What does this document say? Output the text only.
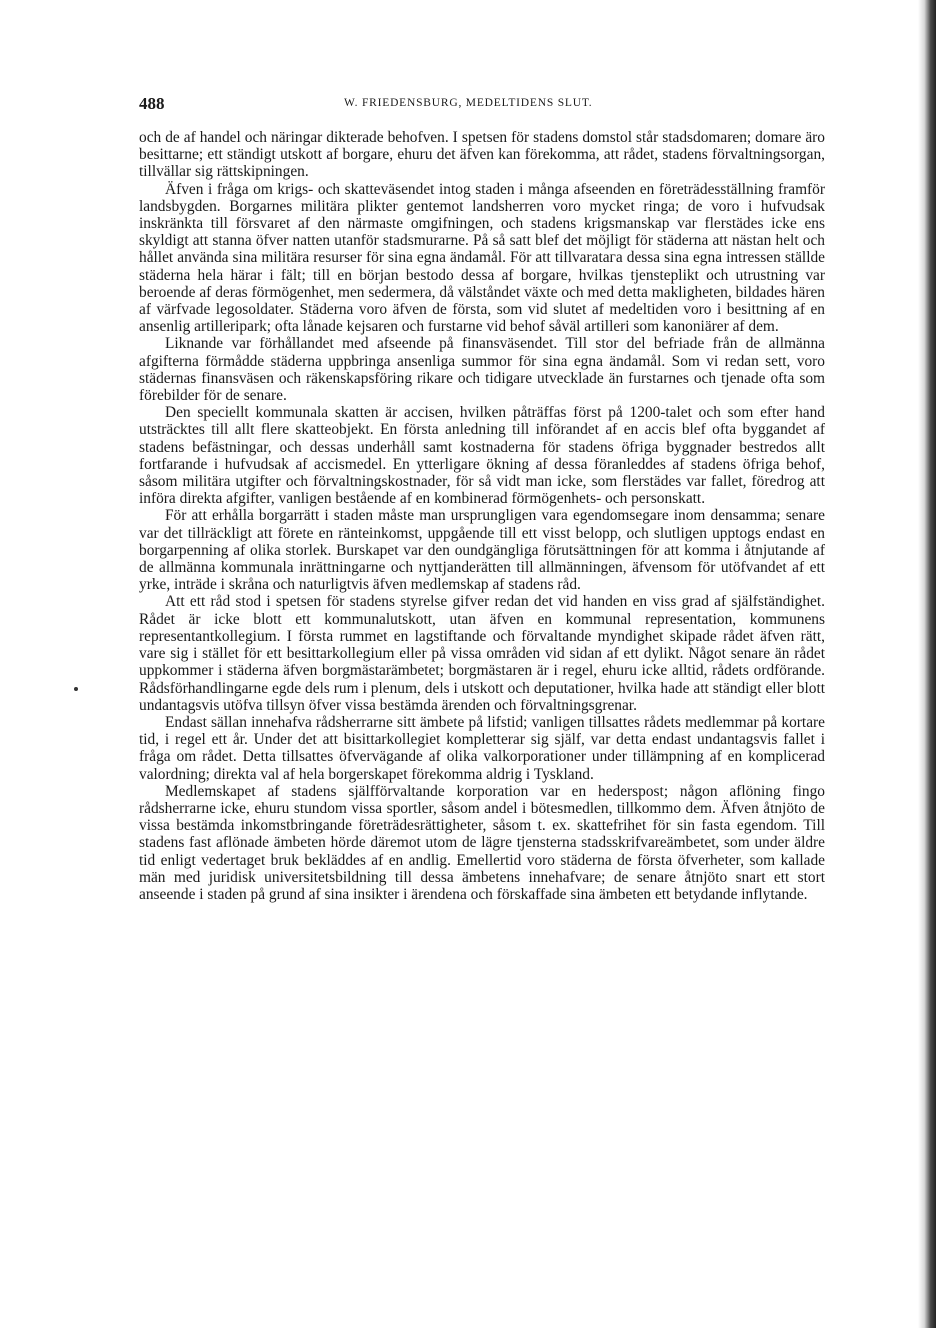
488	W. FRIEDENSBURG, MEDELTIDENS SLUT.

och de af handel och näringar dikterade behofven. I spetsen för stadens domstol står stadsdomaren; domare äro besittarne; ett ständigt utskott af borgare, ehuru det äfven kan förekomma, att rådet, stadens förvaltningsorgan, tillvällar sig rättskipningen.

Äfven i fråga om krigs- och skatteväsendet intog staden i många afseenden en företrädesställning framför landsbygden. Borgarnes militära plikter gentemot landsherren voro mycket ringa; de voro i hufvudsak inskränkta till försvaret af den närmaste omgifningen, och stadens krigsmanskap var flerstädes icke ens skyldigt att stanna öfver natten utanför stadsmurarne. På så satt blef det möjligt för städerna att nästan helt och hållet använda sina militära resurser för sina egna ändamål. För att tillvaratага dessa sina egna intressen ställde städerna hela härar i fält; till en början bestodo dessa af borgare, hvilkas tjensteplikt och utrustning var beroende af deras förmögenhet, men sedermera, då välståndet växte och med detta makligheten, bildades hären af värfvade legosoldater. Städerna voro äfven de första, som vid slutet af medeltiden voro i besittning af en ansenlig artilleripark; ofta lånade kejsaren och furstarne vid behof såväl artilleri som kanoniärer af dem.

Liknande var förhållandet med afseende på finansväsendet. Till stor del befriade från de allmänna afgifterna förmådde städerna uppbringa ansenliga summor för sina egna ändamål. Som vi redan sett, voro städernas finansväsen och räkenskapsföring rikare och tidigare utvecklade än furstarnes och tjenade ofta som förebilder för de senare.

Den speciellt kommunala skatten är accisen, hvilken påträffas först på 1200-talet och som efter hand utsträcktes till allt flere skatteobjekt. En första anledning till införandet af en accis blef ofta byggandet af stadens befästningar, och dessas underhåll samt kostnaderna för stadens öfriga byggnader bestredos allt fortfarande i hufvudsak af accismedel. En ytterligare ökning af dessa föranleddes af stadens öfriga behof, såsom militära utgifter och förvaltningskostnader, för så vidt man icke, som flerstädes var fallet, föredrog att införa direkta afgifter, vanligen bestående af en kombinerad förmögenhets- och personskatt.

För att erhålla borgarrätt i staden måste man ursprungligen vara egendomsegare inom densamma; senare var det tillräckligt att förete en ränteinkomst, uppgående till ett visst belopp, och slutligen upptogs endast en borgarpenning af olika storlek. Burskapet var den oundgängliga förutsättningen för att komma i åtnjutande af de allmänna kommunala inrättningarne och nyttjanderätten till allmänningen, äfvensom för utöfvandet af ett yrke, inträde i skråna och naturligtvis äfven medlemskap af stadens råd.

Att ett råd stod i spetsen för stadens styrelse gifver redan det vid handen en viss grad af själfständighet. Rådet är icke blott ett kommunalutskott, utan äfven en kommunal representation, kommunens representantkollegium. I första rummet en lagstiftande och förvaltande myndighet skipade rådet äfven rätt, vare sig i stället för ett besittarkollegium eller på vissa områden vid sidan af ett dylikt. Något senare än rådet uppkommer i städerna äfven borgmästarämbetet; borgmästaren är i regel, ehuru icke alltid, rådets ordförande. Rådsförhandlingarne egde dels rum i plenum, dels i utskott och deputationer, hvilka hade att ständigt eller blott undantagsvis utöfva tillsyn öfver vissa bestämda ärenden och förvaltningsgrenar.

Endast sällan innehafva rådsherrarne sitt ämbete på lifstid; vanligen tillsattes rådets medlemmar på kortare tid, i regel ett år. Under det att bisittarkollegiet kompletterar sig själf, var detta endast undantagsvis fallet i fråga om rådet. Detta tillsattes öfvervägande af olika valkorporationer under tillämpning af en komplicerad valordning; direkta val af hela borgerskapet förekomma aldrig i Tyskland.

Medlemskapet af stadens själfförvaltande korporation var en hederspost; någon aflöning fingo rådsherrarne icke, ehuru stundom vissa sportler, såsom andel i bötesmedlen, tillkommo dem. Äfven åtnjöto de vissa bestämda inkomstbringande företrädesrättigheter, såsom t. ex. skattefrihet för sin fasta egendom. Till stadens fast aflönade ämbeten hörde däremot utom de lägre tjensterna stadsskrifvareämbetet, som under äldre tid enligt vedertaget bruk bekläddes af en andlig. Emellertid voro städerna de första öfverheter, som kallade män med juridisk universitetsbildning till dessa ämbetens innehafvare; de senare åtnjöto snart ett stort anseende i staden på grund af sina insikter i ärendena och förskaffade sina ämbeten ett betydande inflytande.
